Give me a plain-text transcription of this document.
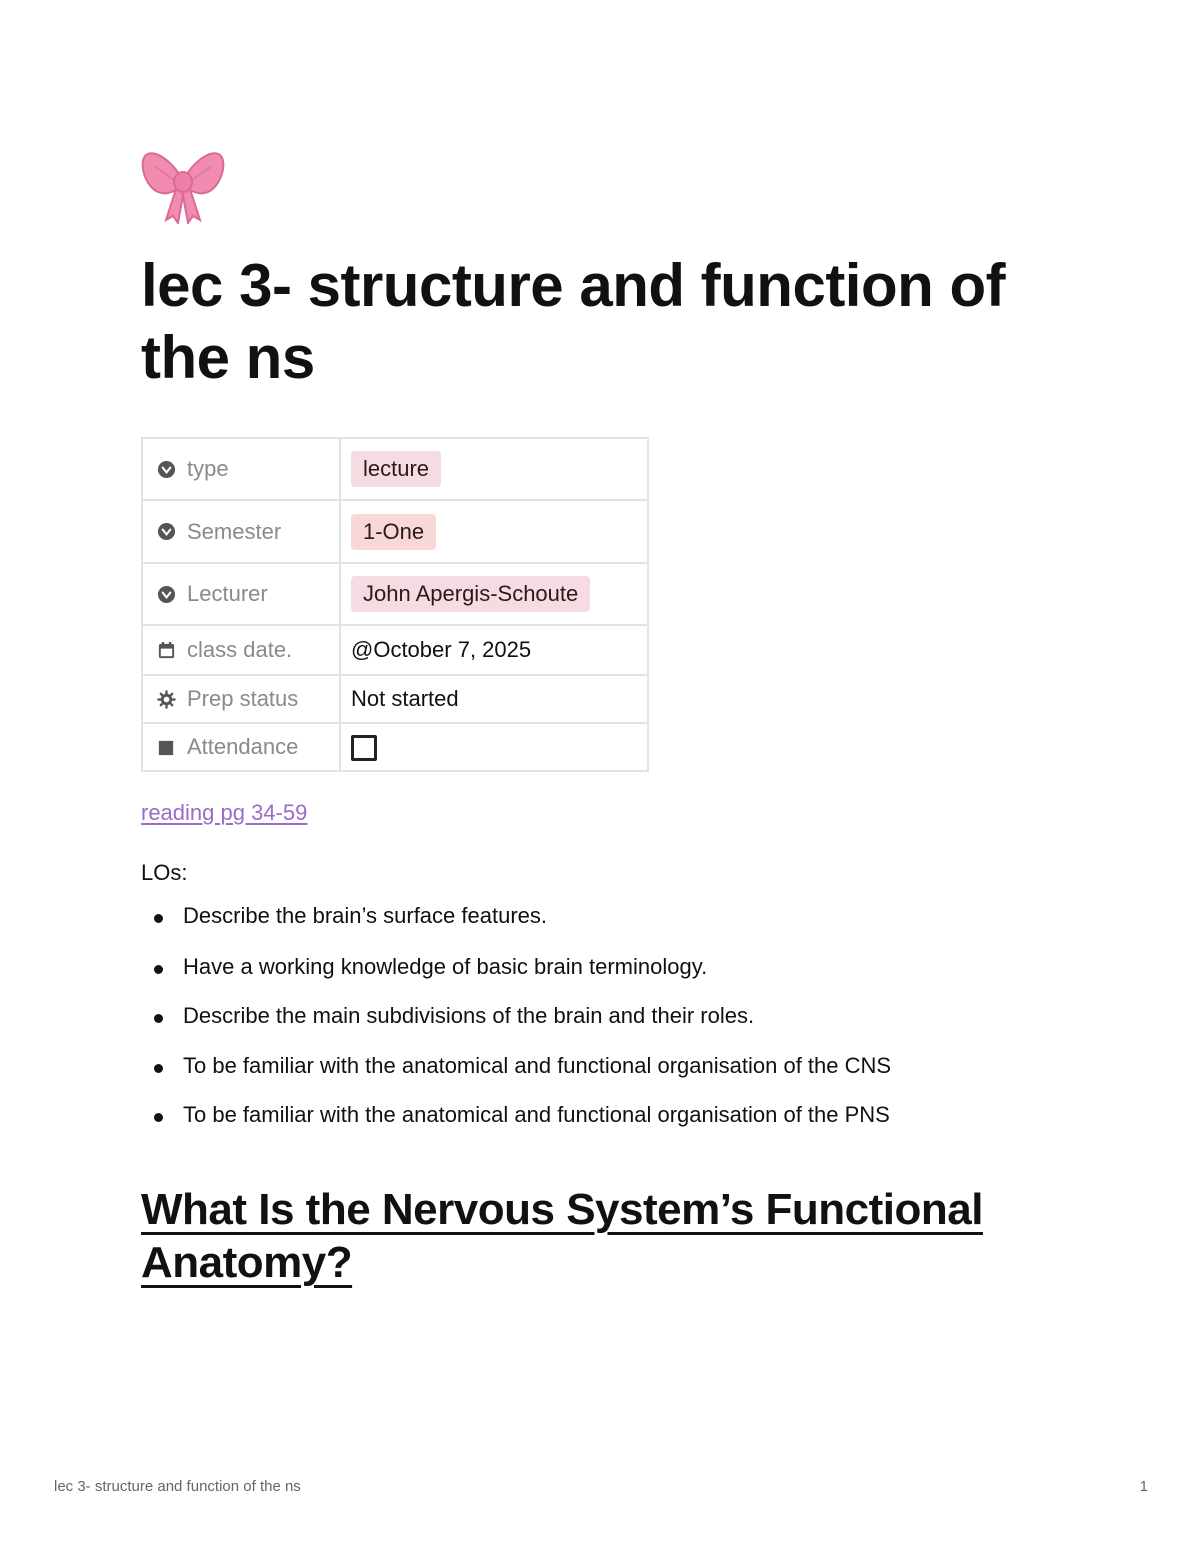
lec 3- structure and function of the ns
type	lecture

Semester	1-One

Lecturer	John Apergis-Schoute

class date.	@October 7, 2025

Prep status	Not started

Attendance	

reading pg 34-59
LOs:
Describe the brain’s surface features.
Have a working knowledge of basic brain terminology.
Describe the main subdivisions of the brain and their roles.
To be familiar with the anatomical and functional organisation of the CNS
To be familiar with the anatomical and functional organisation of the PNS
What Is the Nervous System’s Functional Anatomy?
lec 3- structure and function of the ns	1
